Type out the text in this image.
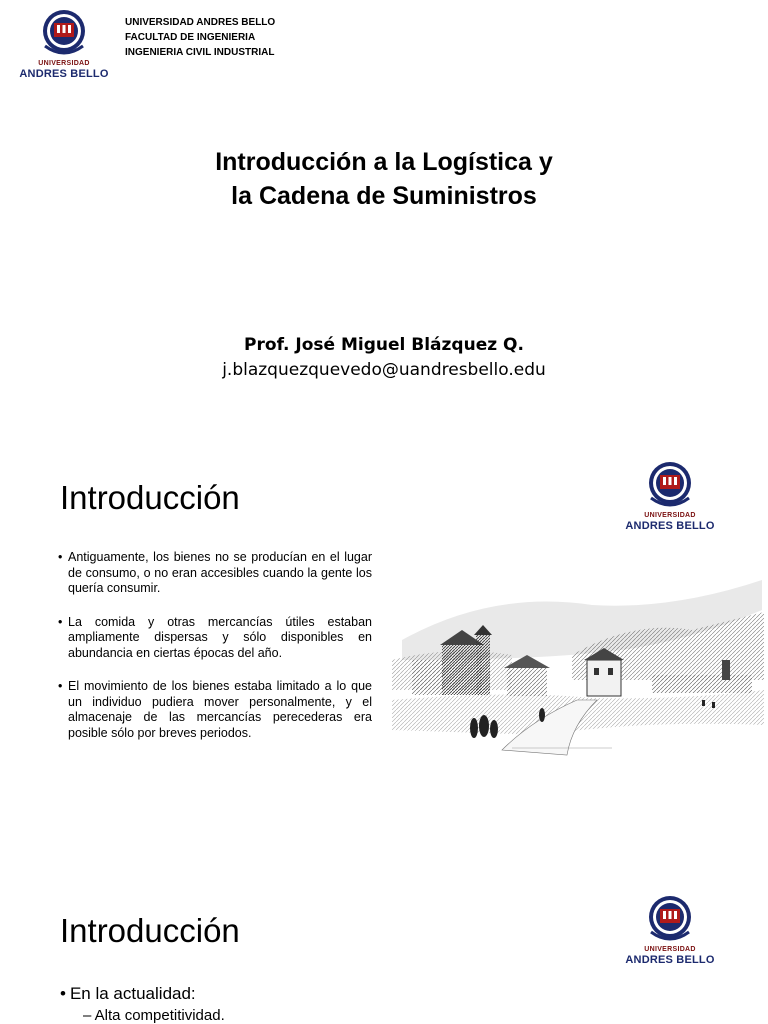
UNIVERSIDAD
ANDRES BELLO
UNIVERSIDAD ANDRES BELLO
FACULTAD DE INGENIERIA
INGENIERIA CIVIL INDUSTRIAL
Introducción a la Logística y
la Cadena de Suministros
Prof. José Miguel Blázquez Q.
j.blazquezquevedo@uandresbello.edu
Introducción	UNIVERSIDAD
ANDRES BELLO
• Antiguamente, los bienes no se producían en el lugar de consumo, o no eran accesibles cuando la gente los quería consumir.
• La comida y otras mercancías útiles estaban ampliamente dispersas y sólo disponibles en abundancia en ciertas épocas del año.
• El movimiento de los bienes estaba limitado a lo que un individuo pudiera mover personalmente, y el almacenaje de las mercancías perecederas era posible sólo por breves periodos.
Introducción
UNIVERSIDAD
ANDRES BELLO
• En la actualidad:
– Alta competitividad.
